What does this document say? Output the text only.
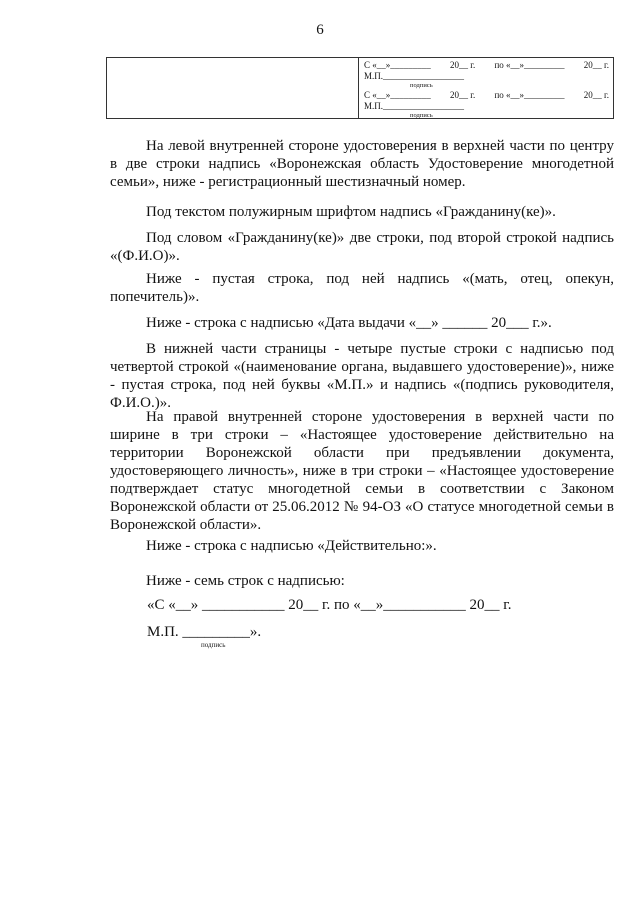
6
С «__»_________ 20__ г. по «__»_________ 20__ г.
М.П.__________________
подпись
С «__»_________ 20__ г. по «__»_________ 20__ г.
М.П.__________________
подпись

На левой внутренней стороне удостоверения в верхней части по центру в две строки надпись «Воронежская область Удостоверение многодетной семьи», ниже - регистрационный шестизначный номер.

Под текстом полужирным шрифтом надпись «Гражданину(ке)».

Под словом «Гражданину(ке)» две строки, под второй строкой надпись «(Ф.И.О)».

Ниже - пустая строка, под ней надпись «(мать, отец, опекун, попечитель)».

Ниже - строка с надписью «Дата выдачи «__» ______ 20___ г.».

В нижней части страницы - четыре пустые строки с надписью под четвертой строкой «(наименование органа, выдавшего удостоверение)», ниже - пустая строка, под ней буквы «М.П.» и надпись «(подпись руководителя, Ф.И.О.)».

На правой внутренней стороне удостоверения в верхней части по ширине в три строки – «Настоящее удостоверение действительно на территории Воронежской области при предъявлении документа, удостоверяющего личность», ниже в три строки – «Настоящее удостоверение подтверждает статус многодетной семьи в соответствии с Законом Воронежской области от 25.06.2012 № 94-ОЗ «О статусе многодетной семьи в Воронежской области».

Ниже - строка с надписью «Действительно:».

Ниже - семь строк с надписью:

«С «__» ___________ 20__ г. по «__»___________ 20__ г.
М.П. _________».
подпись
